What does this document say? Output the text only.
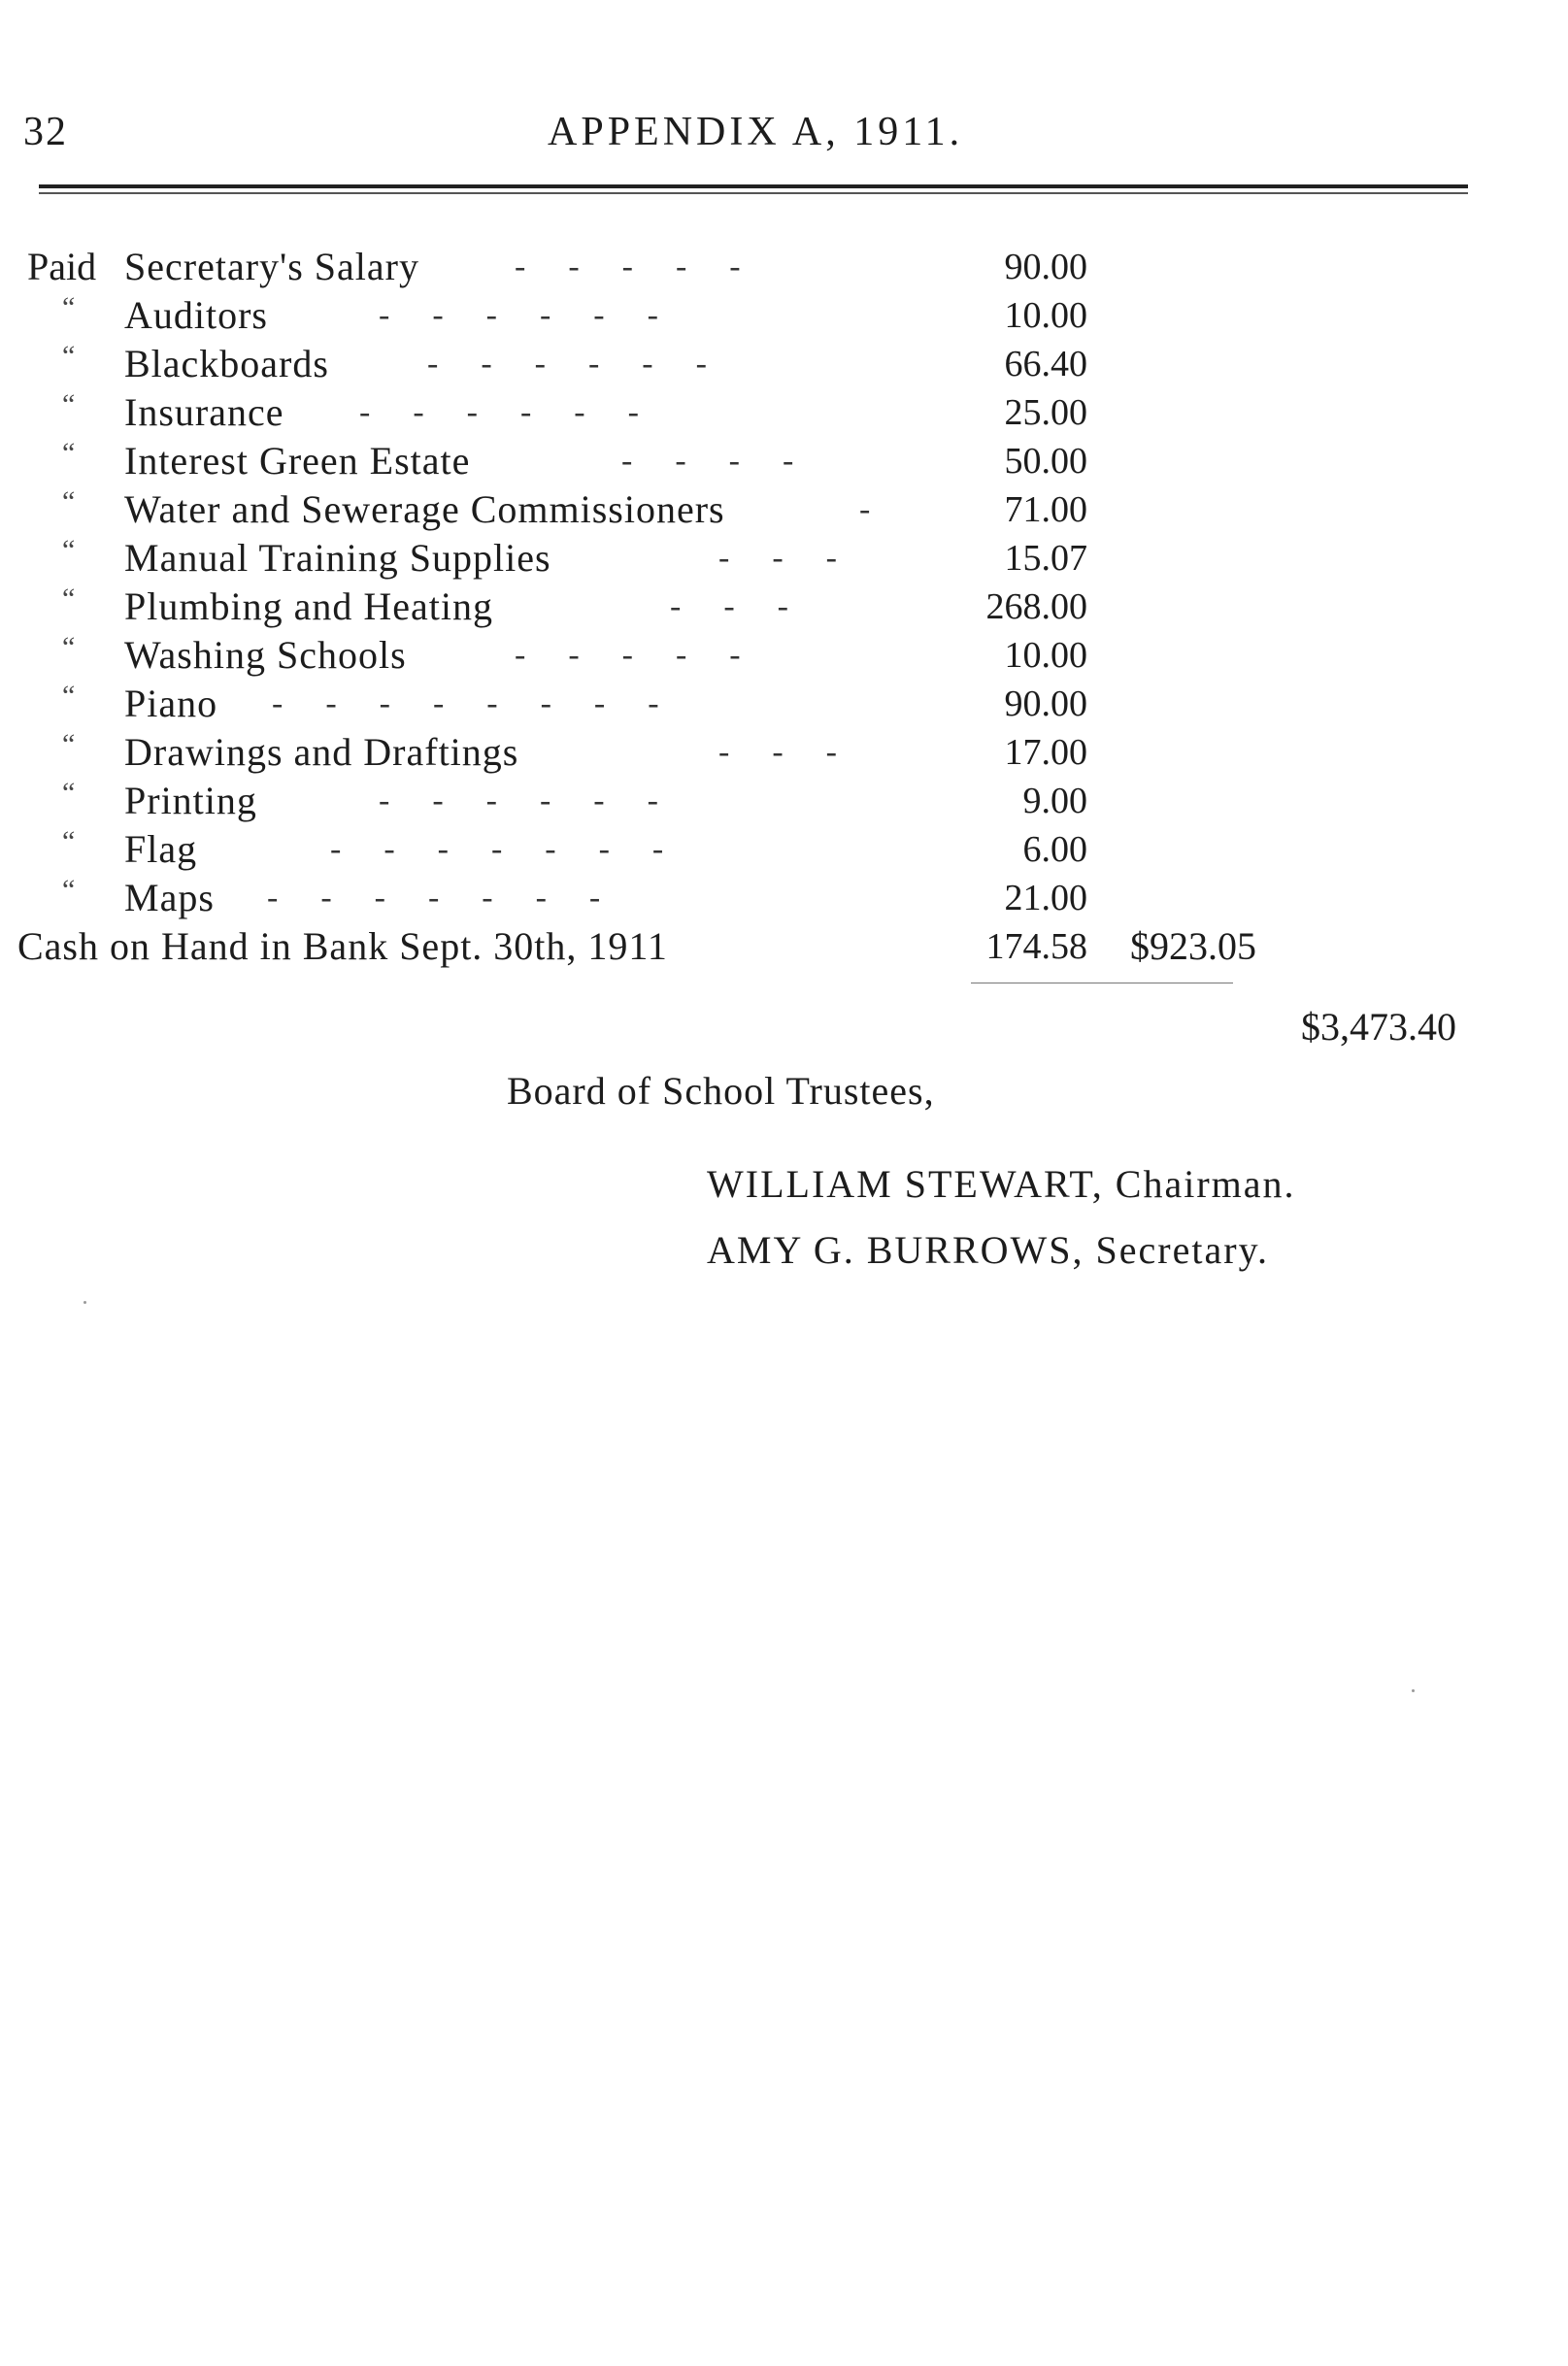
32	APPENDIX A, 1911.
Paid Secretary's Salary	-    -    -    -    -	90.00
“ Auditors	-    -    -    -    -    -	10.00
“ Blackboards	-    -    -    -    -    -	66.40
“ Insurance -    -    -    -    -    -	25.00
“ Interest Green Estate	-    -    -    -	50.00
“ Water and Sewerage Commissioners	-	71.00
“ Manual Training Supplies	-    -    -	15.07
“ Plumbing and Heating	-    -    -	268.00
“ Washing Schools	-    -    -    -    -	10.00
“ Piano -    -    -    -    -    -    -    -	90.00
“ Drawings and Draftings	-    -    -	17.00
“ Printing	-    -    -    -    -    -	9.00
“ Flag	-    -    -    -    -    -    -	6.00
“ Maps -    -    -    -    -    -    -	21.00
Cash on Hand in Bank Sept. 30th, 1911	174.58 $923.05
$3,473.40
Board of School Trustees,
WILLIAM STEWART, Chairman.
AMY G. BURROWS, Secretary.
